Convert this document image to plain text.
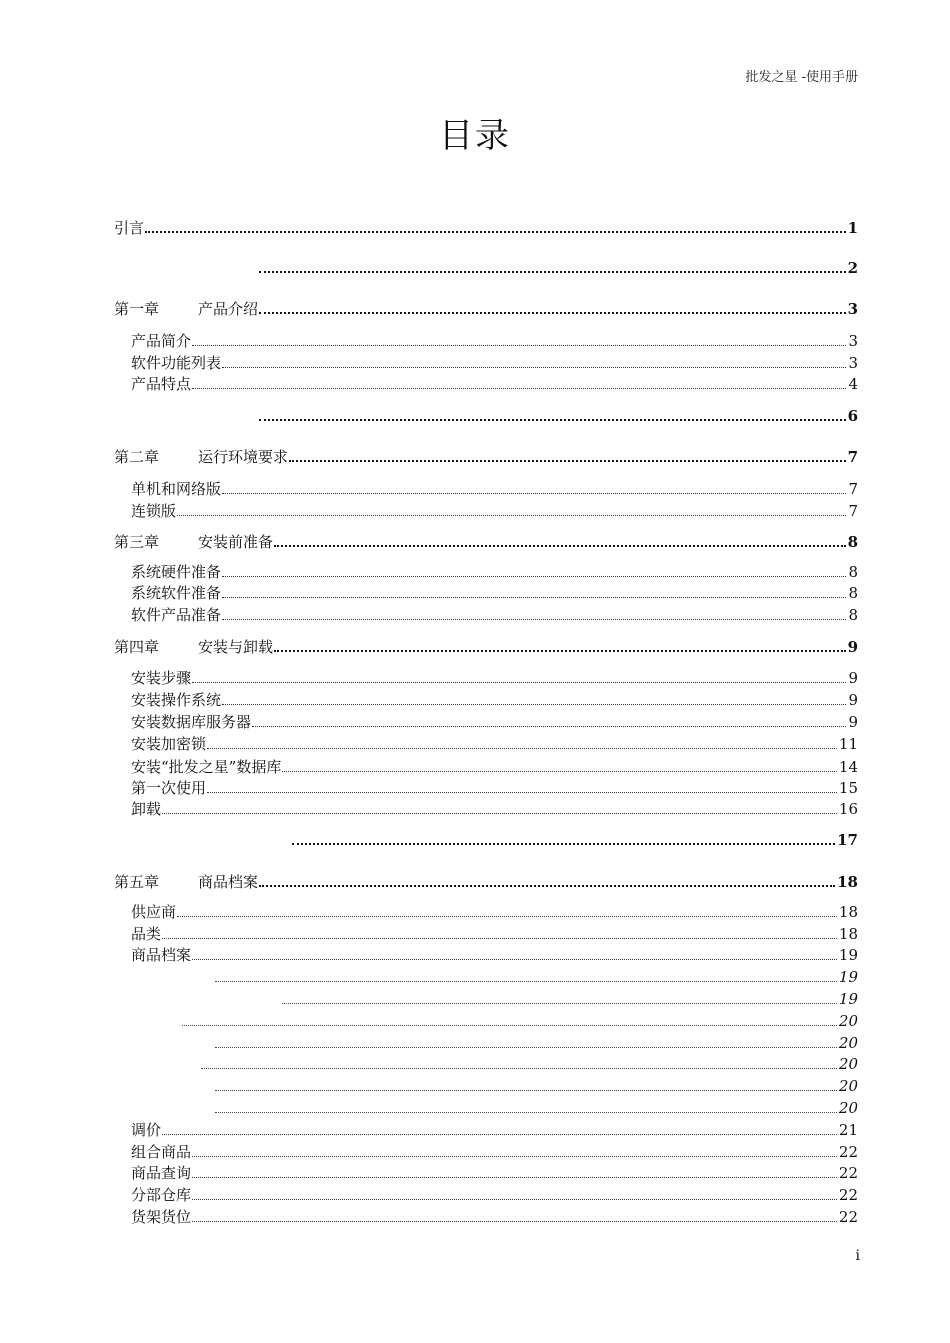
批发之星 -使用手册
目录
引言	1
2
第一章	产品介绍	3
产品简介	3
软件功能列表	3
产品特点	4
6
第二章	运行环境要求	7
单机和网络版	7
连锁版	7
第三章	安装前准备	8
系统硬件准备	8
系统软件准备	8
软件产品准备	8
第四章	安装与卸载	9
安装步骤	9
安装操作系统	9
安装数据库服务器	9
安装加密锁	11
安装“批发之星”数据库	14
第一次使用	15
卸载	16
17
第五章	商品档案	18
供应商	18
品类	18
商品档案	19
19
19
20
20
20
20
20
调价	21
组合商品	22
商品查询	22
分部仓库	22
货架货位	22
i
